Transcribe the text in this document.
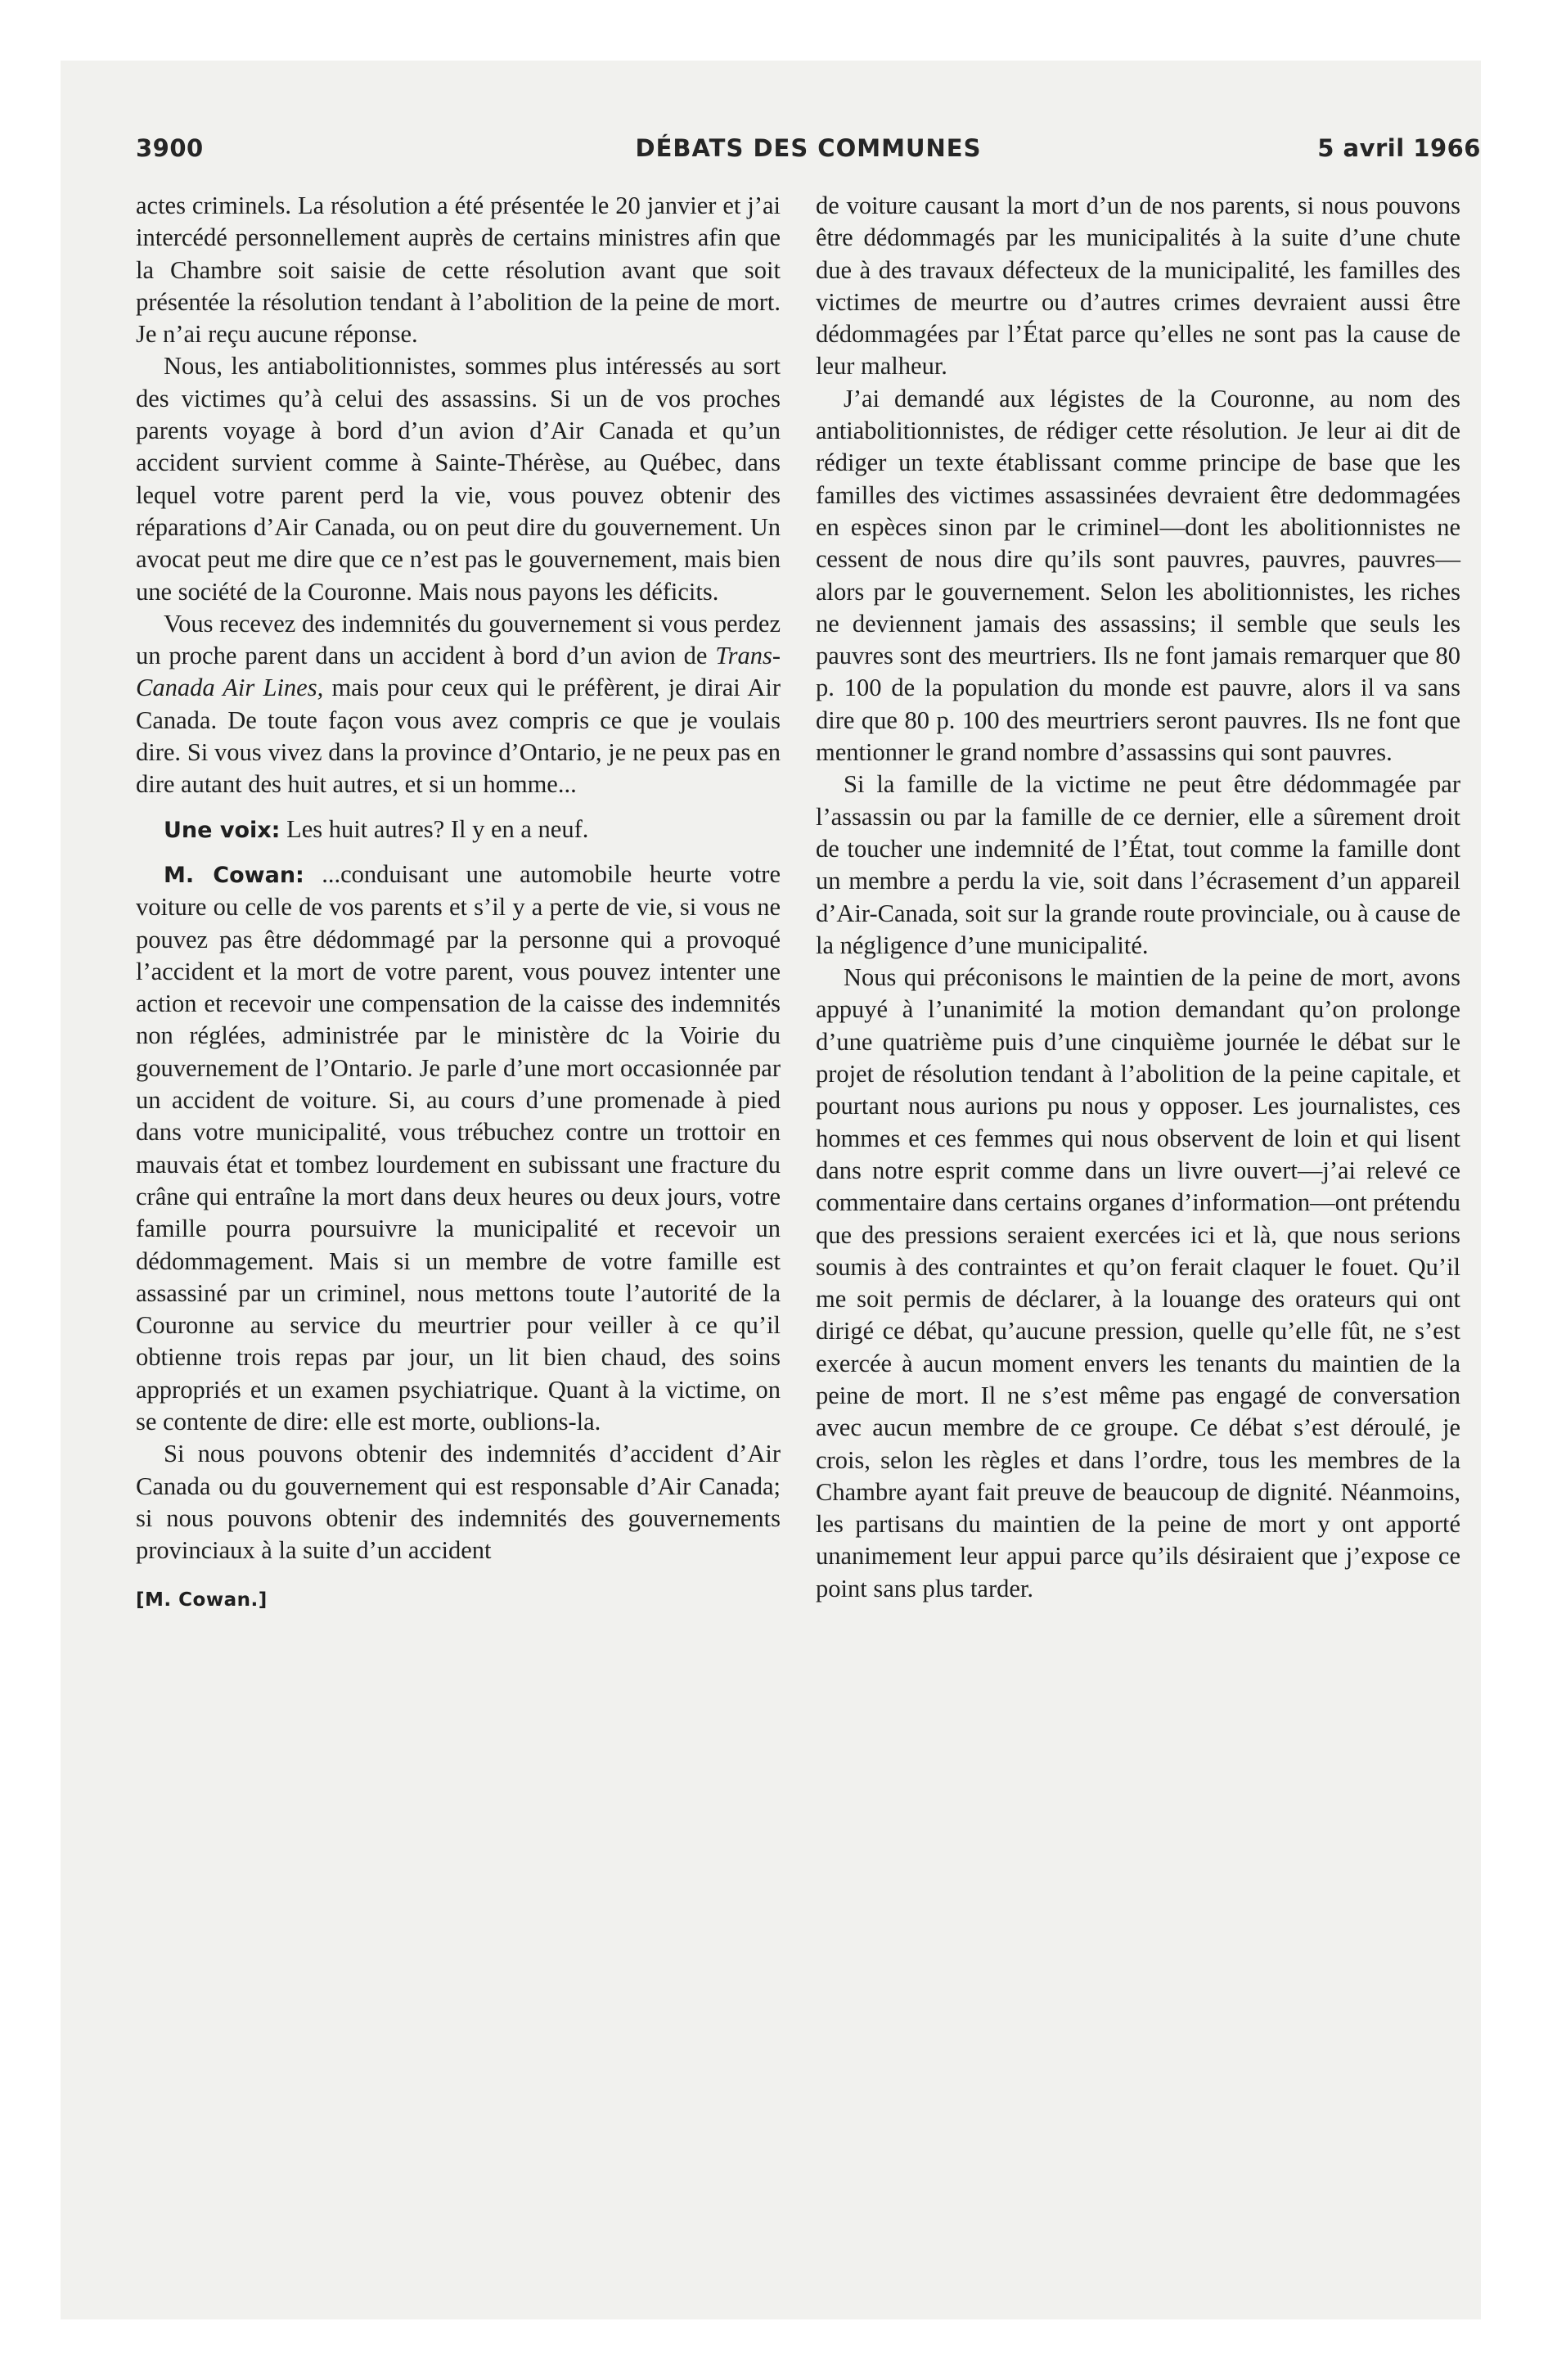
3900	DÉBATS DES COMMUNES	5 avril 1966

actes criminels. La résolution a été présentée le 20 janvier et j’ai intercédé personnellement auprès de certains ministres afin que la Chambre soit saisie de cette résolution avant que soit présentée la résolution tendant à l’abolition de la peine de mort. Je n’ai reçu aucune réponse.

Nous, les antiabolitionnistes, sommes plus intéressés au sort des victimes qu’à celui des assassins. Si un de vos proches parents voyage à bord d’un avion d’Air Canada et qu’un accident survient comme à Sainte-Thérèse, au Québec, dans lequel votre parent perd la vie, vous pouvez obtenir des réparations d’Air Canada, ou on peut dire du gouvernement. Un avocat peut me dire que ce n’est pas le gouvernement, mais bien une société de la Couronne. Mais nous payons les déficits.

Vous recevez des indemnités du gouvernement si vous perdez un proche parent dans un accident à bord d’un avion de Trans-Canada Air Lines, mais pour ceux qui le préfèrent, je dirai Air Canada. De toute façon vous avez compris ce que je voulais dire. Si vous vivez dans la province d’Ontario, je ne peux pas en dire autant des huit autres, et si un homme...

Une voix: Les huit autres? Il y en a neuf.

M. Cowan: ...conduisant une automobile heurte votre voiture ou celle de vos parents et s’il y a perte de vie, si vous ne pouvez pas être dédommagé par la personne qui a provoqué l’accident et la mort de votre parent, vous pouvez intenter une action et recevoir une compensation de la caisse des indemnités non réglées, administrée par le ministère dc la Voirie du gouvernement de l’Ontario. Je parle d’une mort occasionnée par un accident de voiture. Si, au cours d’une promenade à pied dans votre municipalité, vous trébuchez contre un trottoir en mauvais état et tombez lourdement en subissant une fracture du crâne qui entraîne la mort dans deux heures ou deux jours, votre famille pourra poursuivre la municipalité et recevoir un dédommagement. Mais si un membre de votre famille est assassiné par un criminel, nous mettons toute l’autorité de la Couronne au service du meurtrier pour veiller à ce qu’il obtienne trois repas par jour, un lit bien chaud, des soins appropriés et un examen psychiatrique. Quant à la victime, on se contente de dire: elle est morte, oublions-la.

Si nous pouvons obtenir des indemnités d’accident d’Air Canada ou du gouvernement qui est responsable d’Air Canada; si nous pouvons obtenir des indemnités des gouvernements provinciaux à la suite d’un accident

[M. Cowan.]

de voiture causant la mort d’un de nos parents, si nous pouvons être dédommagés par les municipalités à la suite d’une chute due à des travaux défecteux de la municipalité, les familles des victimes de meurtre ou d’autres crimes devraient aussi être dédommagées par l’État parce qu’elles ne sont pas la cause de leur malheur.

J’ai demandé aux légistes de la Couronne, au nom des antiabolitionnistes, de rédiger cette résolution. Je leur ai dit de rédiger un texte établissant comme principe de base que les familles des victimes assassinées devraient être dedommagées en espèces sinon par le criminel—dont les abolitionnistes ne cessent de nous dire qu’ils sont pauvres, pauvres, pauvres—alors par le gouvernement. Selon les abolitionnistes, les riches ne deviennent jamais des assassins; il semble que seuls les pauvres sont des meurtriers. Ils ne font jamais remarquer que 80 p. 100 de la population du monde est pauvre, alors il va sans dire que 80 p. 100 des meurtriers seront pauvres. Ils ne font que mentionner le grand nombre d’assassins qui sont pauvres.

Si la famille de la victime ne peut être dédommagée par l’assassin ou par la famille de ce dernier, elle a sûrement droit de toucher une indemnité de l’État, tout comme la famille dont un membre a perdu la vie, soit dans l’écrasement d’un appareil d’Air-Canada, soit sur la grande route provinciale, ou à cause de la négligence d’une municipalité.

Nous qui préconisons le maintien de la peine de mort, avons appuyé à l’unanimité la motion demandant qu’on prolonge d’une quatrième puis d’une cinquième journée le débat sur le projet de résolution tendant à l’abolition de la peine capitale, et pourtant nous aurions pu nous y opposer. Les journalistes, ces hommes et ces femmes qui nous observent de loin et qui lisent dans notre esprit comme dans un livre ouvert—j’ai relevé ce commentaire dans certains organes d’information—ont prétendu que des pressions seraient exercées ici et là, que nous serions soumis à des contraintes et qu’on ferait claquer le fouet. Qu’il me soit permis de déclarer, à la louange des orateurs qui ont dirigé ce débat, qu’aucune pression, quelle qu’elle fût, ne s’est exercée à aucun moment envers les tenants du maintien de la peine de mort. Il ne s’est même pas engagé de conversation avec aucun membre de ce groupe. Ce débat s’est déroulé, je crois, selon les règles et dans l’ordre, tous les membres de la Chambre ayant fait preuve de beaucoup de dignité. Néanmoins, les partisans du maintien de la peine de mort y ont apporté unanimement leur appui parce qu’ils désiraient que j’expose ce point sans plus tarder.
